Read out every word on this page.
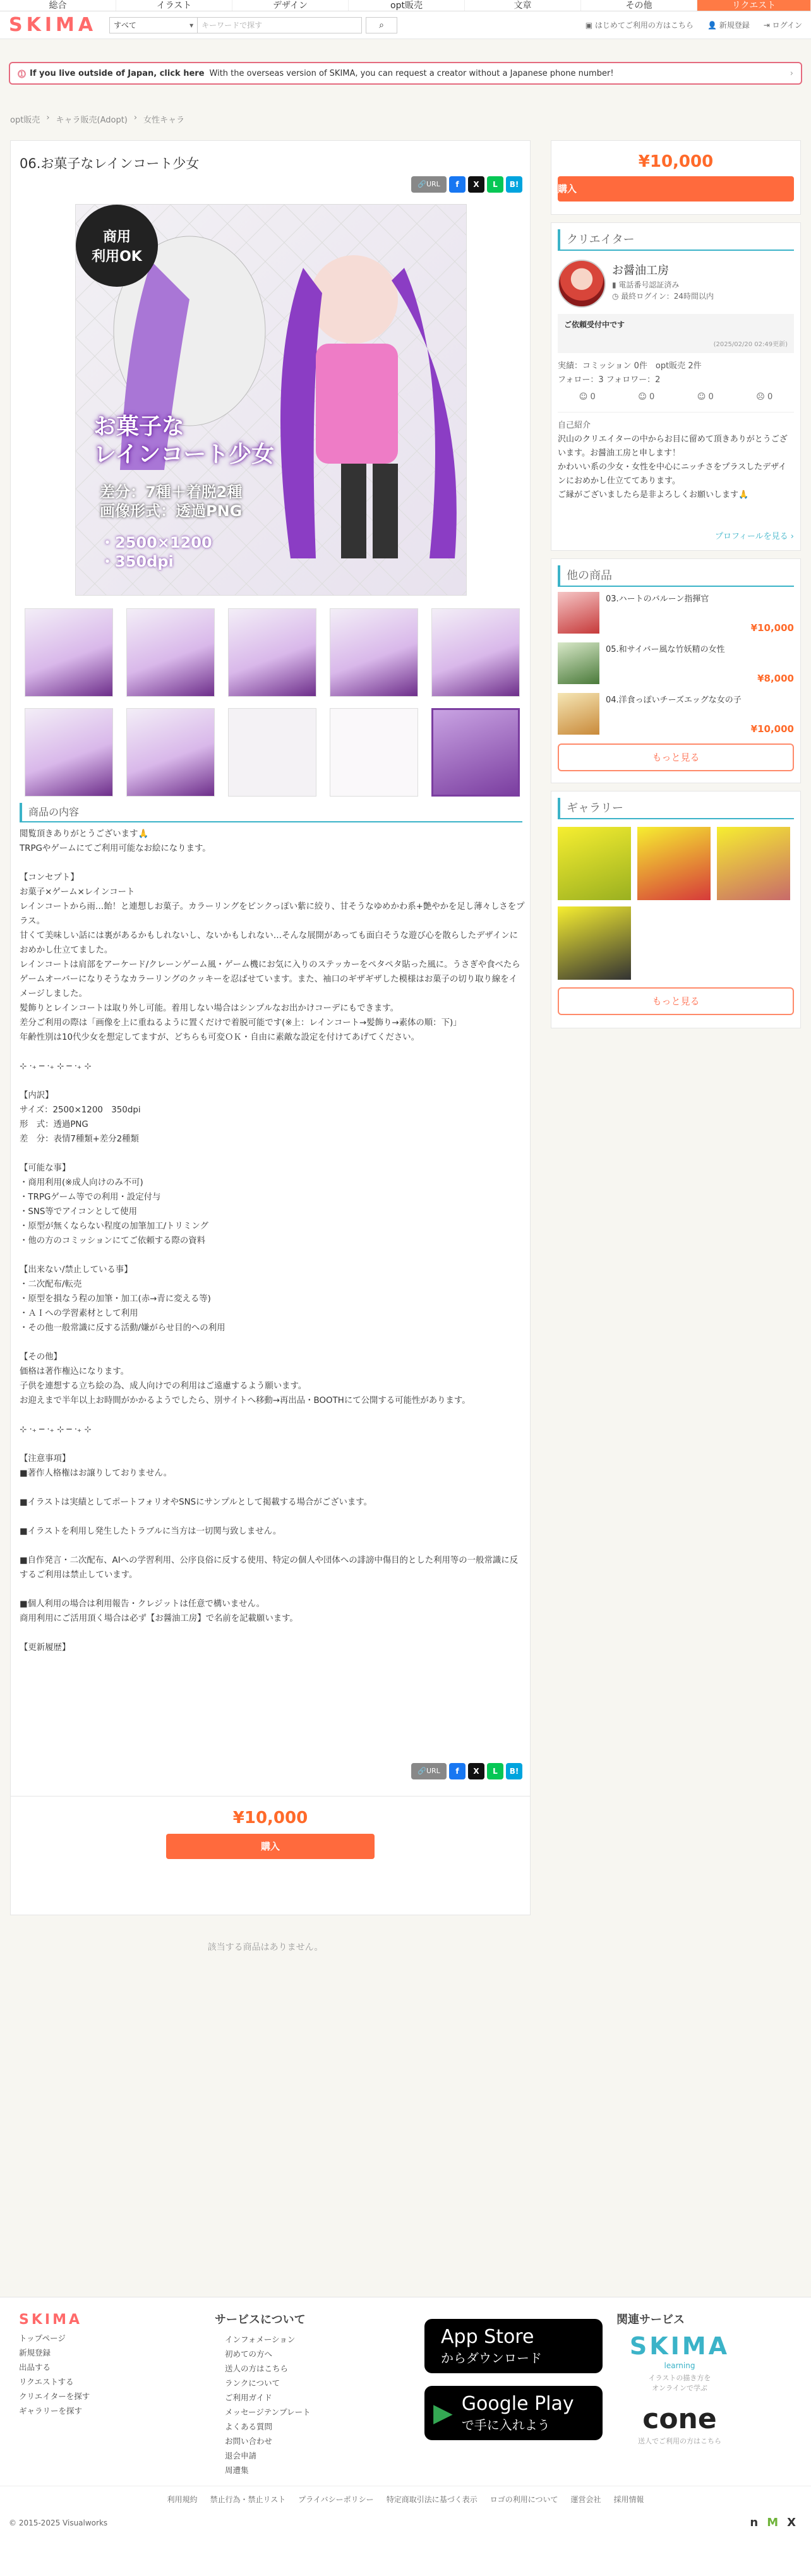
総合	イラスト	デザイン	opt販売	文章	その他	リクエスト
SKIMA	すべて ▾	キーワードで探す	⌕	▣ はじめてご利用の方はこちら 👤 新規登録 ⇥ ログイン
⓵ If you live outside of Japan, click here With the overseas version of SKIMA, you can request a creator without a Japanese phone number!	›
opt販売 › キャラ販売(Adopt) › 女性キャラ
06.お菓子なレインコート少女
🔗URL	f	X	L	B!
商用
利用OK
お菓子な
レインコート少女
差分：7種＋着脱2種
画像形式：透過PNG
・2500×1200
・350dpi
商品の内容

閲覧頂きありがとうございます🙏

TRPGやゲームにてご利用可能なお絵になります。

【コンセプト】

お菓子×ゲーム×レインコート

レインコートから雨…飴！と連想しお菓子。カラーリングをピンクっぽい紫に絞り、甘そうなゆめかわ系+艶やかを足し薄々しさをプラス。

甘くて美味しい話には裏があるかもしれないし、ないかもしれない…そんな展開があっても面白そうな遊び心を散らしたデザインにおめかし仕立てました。

レインコートは肩部をアーケード/クレーンゲーム風・ゲーム機にお気に入りのステッカーをペタペタ貼った風に。うさぎや食べたらゲームオーバーになりそうなカラーリングのクッキーを忍ばせています。また、袖口のギザギザした模様はお菓子の切り取り線をイメージしました。

髪飾りとレインコートは取り外し可能。着用しない場合はシンプルなお出かけコーデにもできます。

差分ご利用の際は「画像を上に重ねるように置くだけで着脱可能です(※上：レインコート→髪飾り→素体の順：下)」

年齢性別は10代少女を想定してますが、どちらも可変ＯＫ・自由に素敵な設定を付けてあげてください。

⊹ ‧₊ ─ ‧₊ ⊹ ─ ‧₊ ⊹

【内訳】

サイズ：2500×1200　350dpi

形　式：透過PNG

差　分：表情7種類+差分2種類

【可能な事】

・商用利用(※成人向けのみ不可)

・TRPGゲーム等での利用・設定付与

・SNS等でアイコンとして使用

・原型が無くならない程度の加筆加工/トリミング

・他の方のコミッションにてご依頼する際の資料

【出来ない/禁止している事】

・二次配布/転売

・原型を損なう程の加筆・加工(赤→青に変える等)

・ＡＩへの学習素材として利用

・その他一般常識に反する活動/嫌がらせ目的への利用

【その他】

価格は著作権込になります。

子供を連想する立ち絵の為、成人向けでの利用はご遠慮するよう願います。

お迎えまで半年以上お時間がかかるようでしたら、別サイトへ移動→再出品・BOOTHにて公開する可能性があります。

⊹ ‧₊ ─ ‧₊ ⊹ ─ ‧₊ ⊹

【注意事項】

■著作人格権はお譲りしておりません。

■イラストは実績としてポートフォリオやSNSにサンプルとして掲載する場合がございます。

■イラストを利用し発生したトラブルに当方は一切関与致しません。

■自作発言・二次配布、AIへの学習利用、公序良俗に反する使用、特定の個人や団体への誹謗中傷目的とした利用等の一般常識に反するご利用は禁止しています。

■個人利用の場合は利用報告・クレジットは任意で構いません。

商用利用にご活用頂く場合は必ず【お醤油工房】で名前を記載願います。

【更新履歴】

🔗URL	f	X	L	B!
¥10,000
購入
¥10,000
購入
クリエイター
お醤油工房
▮ 電話番号認証済み
◷ 最終ログイン：24時間以内
ご依頼受付中です
(2025/02/20 02:49更新)
実績：コミッション 0件　opt販売 2件
フォロー：3 フォロワー：2
☺ 0	☺ 0	☺ 0	☹ 0
自己紹介
沢山のクリエイターの中からお目に留めて頂きありがとうございます。お醤油工房と申します！
かわいい系の少女・女性を中心にニッチさをプラスしたデザインにおめかし仕立ててあります。
ご縁がございましたら是非よろしくお願いします🙏
プロフィールを見る ›
他の商品
03.ハートのバルーン指揮官
¥10,000
05.和サイバー風な竹妖精の女性
¥8,000
04.洋食っぽいチーズエッグな女の子
¥10,000
もっと見る
ギャラリー
もっと見る
該当する商品はありません。
SKIMA
トップページ
新規登録
出品する
リクエストする
クリエイターを探す
ギャラリーを探す
サービスについて
インフォメーション
初めての方へ
送人の方はこちら
ランクについて
ご利用ガイド
メッセージテンプレート
よくある質問
お問い合わせ
退会申請
周遭集
App Store
からダウンロード
▶ Google Play
で手に入れよう
関連サービス
SKIMA
learning
イラストの描き方を
オンラインで学ぶ
cone
送人でご利用の方はこちら
利用規約 禁止行為・禁止リスト プライバシーポリシー 特定商取引法に基づく表示 ロゴの利用について 運営会社 採用情報
© 2015-2025 Visualworks	n M X
